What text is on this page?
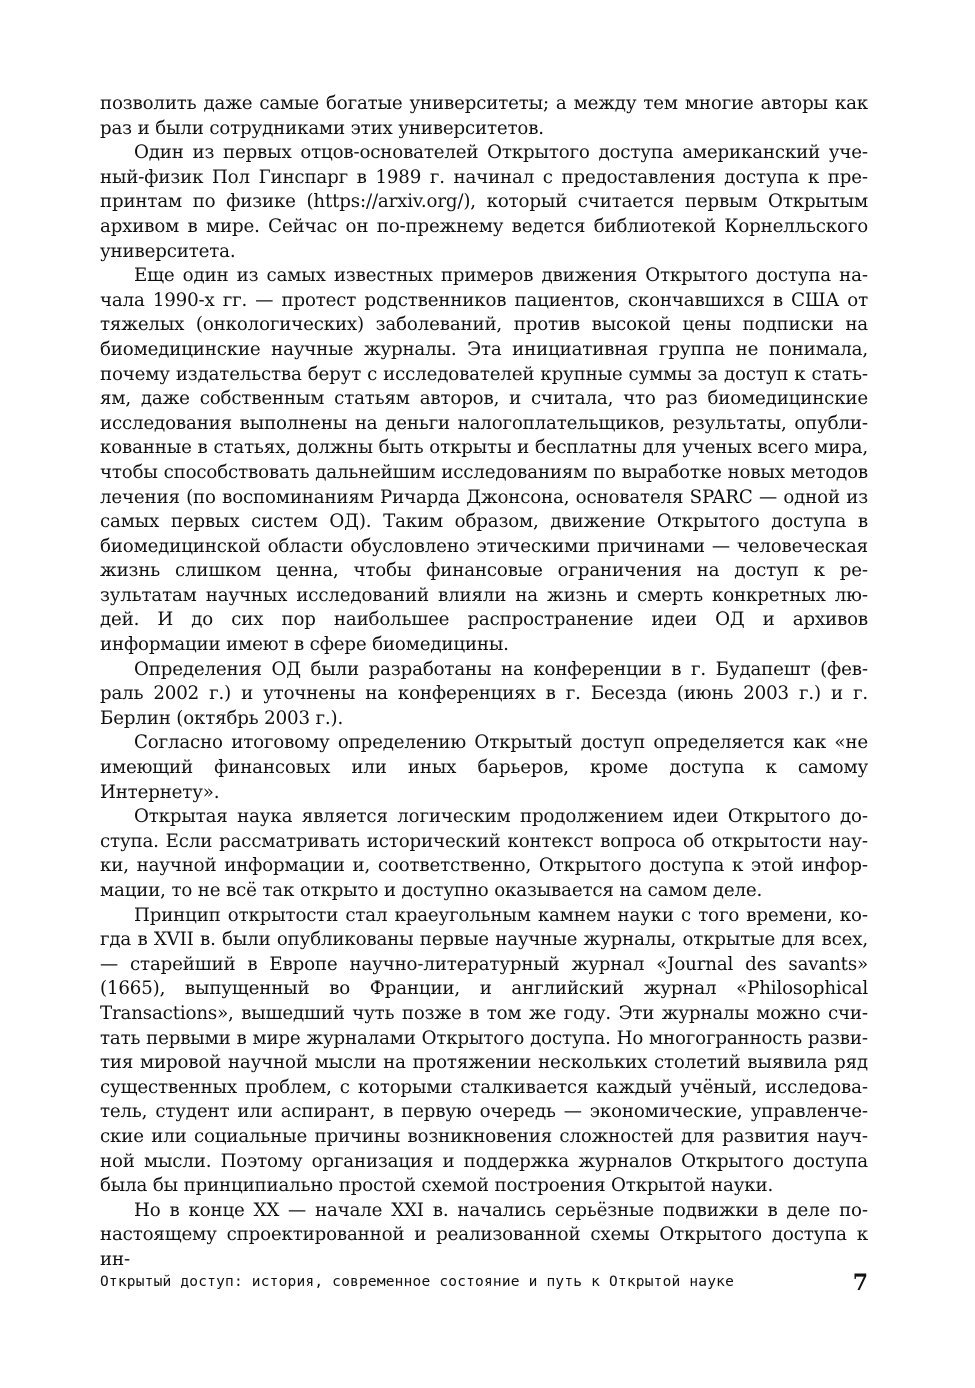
позволить даже самые богатые университеты; а между тем многие авторы как раз и были сотрудниками этих университетов.

Один из первых отцов-основателей Открытого доступа американский ученый-физик Пол Гинспарг в 1989 г. начинал с предоставления доступа к препринтам по физике (https://arxiv.org/), который считается первым Открытым архивом в мире. Сейчас он по-прежнему ведется библиотекой Корнелльского университета.

Еще один из самых известных примеров движения Открытого доступа начала 1990-х гг. — протест родственников пациентов, скончавшихся в США от тяжелых (онкологических) заболеваний, против высокой цены подписки на биомедицинские научные журналы. Эта инициативная группа не понимала, почему издательства берут с исследователей крупные суммы за доступ к статьям, даже собственным статьям авторов, и считала, что раз биомедицинские исследования выполнены на деньги налогоплательщиков, результаты, опубликованные в статьях, должны быть открыты и бесплатны для ученых всего мира, чтобы способствовать дальнейшим исследованиям по выработке новых методов лечения (по воспоминаниям Ричарда Джонсона, основателя SPARC — одной из самых первых систем ОД). Таким образом, движение Открытого доступа в биомедицинской области обусловлено этическими причинами — человеческая жизнь слишком ценна, чтобы финансовые ограничения на доступ к результатам научных исследований влияли на жизнь и смерть конкретных людей. И до сих пор наибольшее распространение идеи ОД и архивов информации имеют в сфере биомедицины.

Определения ОД были разработаны на конференции в г. Будапешт (февраль 2002 г.) и уточнены на конференциях в г. Бесезда (июнь 2003 г.) и г. Берлин (октябрь 2003 г.).

Согласно итоговому определению Открытый доступ определяется как «не имеющий финансовых или иных барьеров, кроме доступа к самому Интернету».

Открытая наука является логическим продолжением идеи Открытого доступа. Если рассматривать исторический контекст вопроса об открытости науки, научной информации и, соответственно, Открытого доступа к этой информации, то не всё так открыто и доступно оказывается на самом деле.

Принцип открытости стал краеугольным камнем науки с того времени, когда в XVII в. были опубликованы первые научные журналы, открытые для всех, — старейший в Европе научно-литературный журнал «Journal des savants» (1665), выпущенный во Франции, и английский журнал «Philosophical Transactions», вышедший чуть позже в том же году. Эти журналы можно считать первыми в мире журналами Открытого доступа. Но многогранность развития мировой научной мысли на протяжении нескольких столетий выявила ряд существенных проблем, с которыми сталкивается каждый учёный, исследователь, студент или аспирант, в первую очередь — экономические, управленческие или социальные причины возникновения сложностей для развития научной мысли. Поэтому организация и поддержка журналов Открытого доступа была бы принципиально простой схемой построения Открытой науки.

Но в конце XX — начале XXI в. начались серьёзные подвижки в деле понастоящему спроектированной и реализованной схемы Открытого доступа к ин-

Открытый доступ: история, современное состояние и путь к Открытой науке	7
